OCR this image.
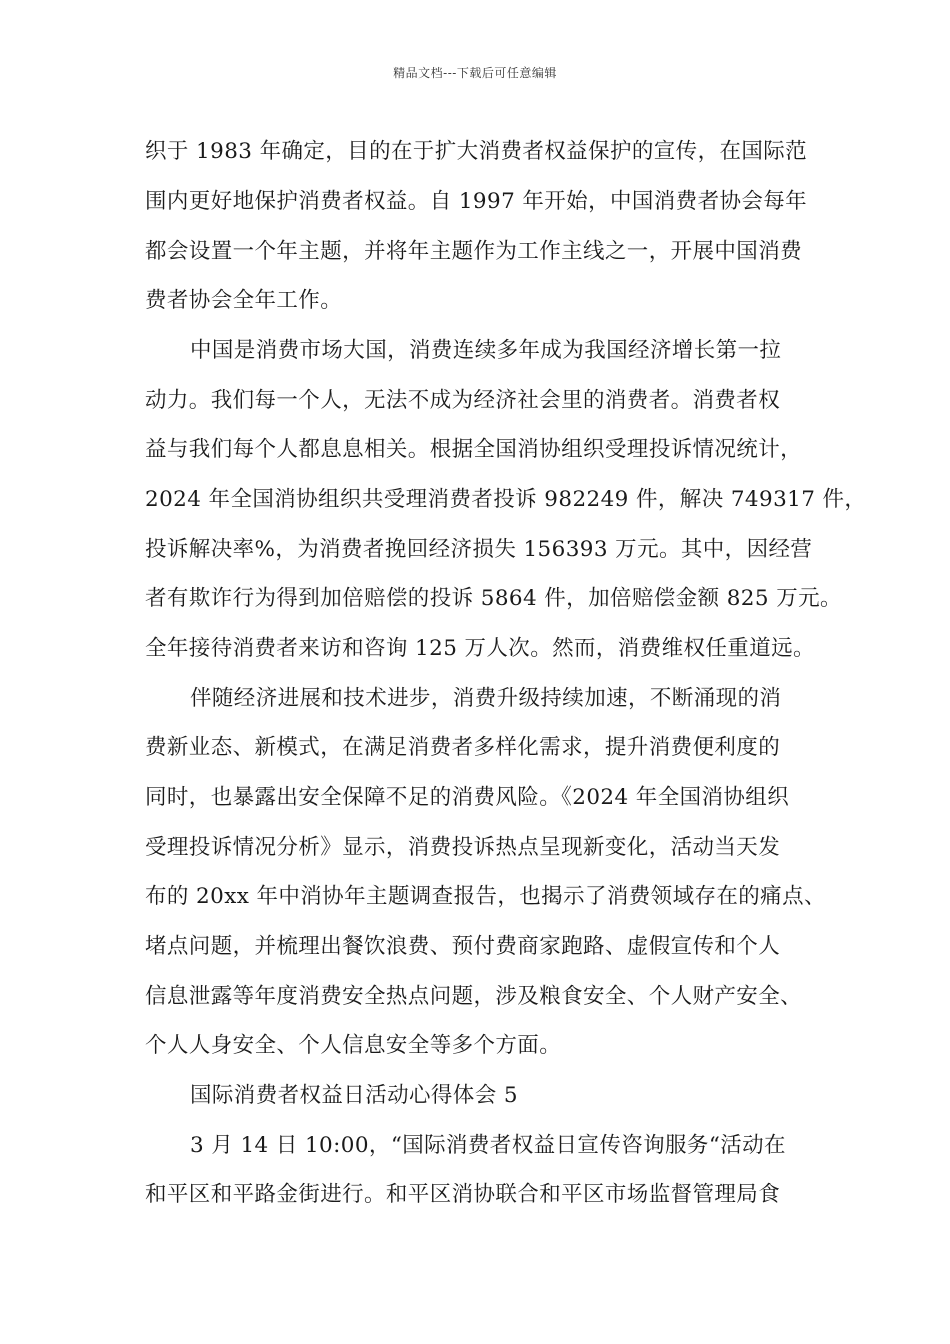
精品文档---下载后可任意编辑
织于 1983 年确定，目的在于扩大消费者权益保护的宣传，在国际范
围内更好地保护消费者权益。自 1997 年开始，中国消费者协会每年
都会设置一个年主题，并将年主题作为工作主线之一，开展中国消费
费者协会全年工作。
中国是消费市场大国，消费连续多年成为我国经济增长第一拉
动力。我们每一个人，无法不成为经济社会里的消费者。消费者权
益与我们每个人都息息相关。根据全国消协组织受理投诉情况统计，
2024 年全国消协组织共受理消费者投诉 982249 件，解决 749317 件，
投诉解决率%，为消费者挽回经济损失 156393 万元。其中，因经营
者有欺诈行为得到加倍赔偿的投诉 5864 件，加倍赔偿金额 825 万元。
全年接待消费者来访和咨询 125 万人次。然而，消费维权任重道远。
伴随经济进展和技术进步，消费升级持续加速，不断涌现的消
费新业态、新模式，在满足消费者多样化需求，提升消费便利度的
同时，也暴露出安全保障不足的消费风险。《2024 年全国消协组织
受理投诉情况分析》显示，消费投诉热点呈现新变化，活动当天发
布的 20xx 年中消协年主题调查报告，也揭示了消费领域存在的痛点、
堵点问题，并梳理出餐饮浪费、预付费商家跑路、虚假宣传和个人
信息泄露等年度消费安全热点问题，涉及粮食安全、个人财产安全、
个人人身安全、个人信息安全等多个方面。
国际消费者权益日活动心得体会 5
3 月 14 日 10:00，“国际消费者权益日宣传咨询服务“活动在
和平区和平路金街进行。和平区消协联合和平区市场监督管理局食
